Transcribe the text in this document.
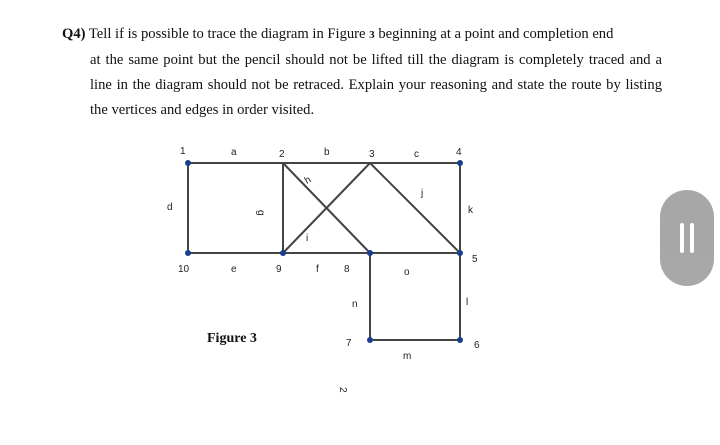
Q4) Tell if is possible to trace the diagram in Figure 3 beginning at a point and completion end
at the same point but the pencil should not be lifted till the diagram is completely traced and a line in the diagram should not be retraced. Explain your reasoning and state the route by listing the vertices and edges in order visited.
1	2	3	4
5
6
7
8
9
10
a	b	c
d
e	f
g
h
i
j
k
l
m
n
o
Figure 3
2
